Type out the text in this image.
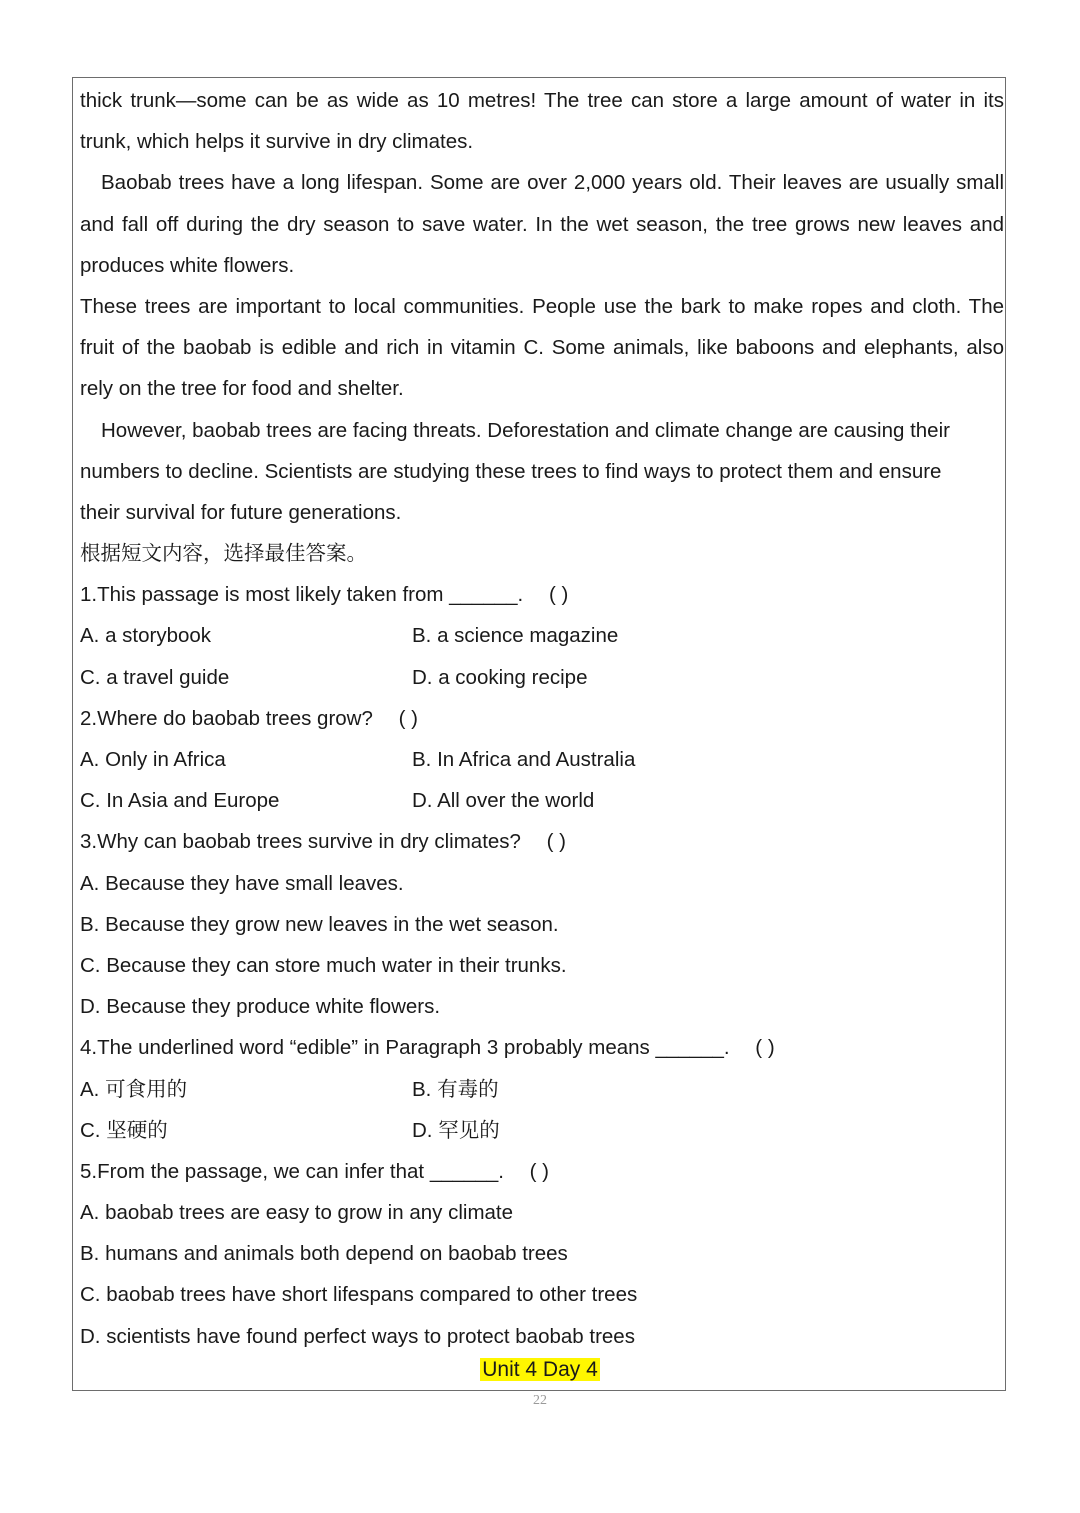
thick trunk—some can be as wide as 10 metres! The tree can store a large amount of water in its
trunk, which helps it survive in dry climates.
Baobab trees have a long lifespan. Some are over 2,000 years old. Their leaves are usually small
and fall off during the dry season to save water. In the wet season, the tree grows new leaves and
produces white flowers.
These trees are important to local communities. People use the bark to make ropes and cloth. The
fruit of the baobab is edible and rich in vitamin C. Some animals, like baboons and elephants, also
rely on the tree for food and shelter.
However, baobab trees are facing threats. Deforestation and climate change are causing their
numbers to decline. Scientists are studying these trees to find ways to protect them and ensure
their survival for future generations.
根据短文内容，选择最佳答案。
1.This passage is most likely taken from ______. ( )
A. a storybook	B. a science magazine
C. a travel guide	D. a cooking recipe
2.Where do baobab trees grow? ( )
A. Only in Africa	B. In Africa and Australia
C. In Asia and Europe	D. All over the world
3.Why can baobab trees survive in dry climates? ( )
A. Because they have small leaves.
B. Because they grow new leaves in the wet season.
C. Because they can store much water in their trunks.
D. Because they produce white flowers.
4.The underlined word “edible” in Paragraph 3 probably means ______. ( )
A. 可食用的	B. 有毒的
C. 坚硬的	D. 罕见的
5.From the passage, we can infer that ______. ( )
A. baobab trees are easy to grow in any climate
B. humans and animals both depend on baobab trees
C. baobab trees have short lifespans compared to other trees
D. scientists have found perfect ways to protect baobab trees
Unit 4 Day 4
22
